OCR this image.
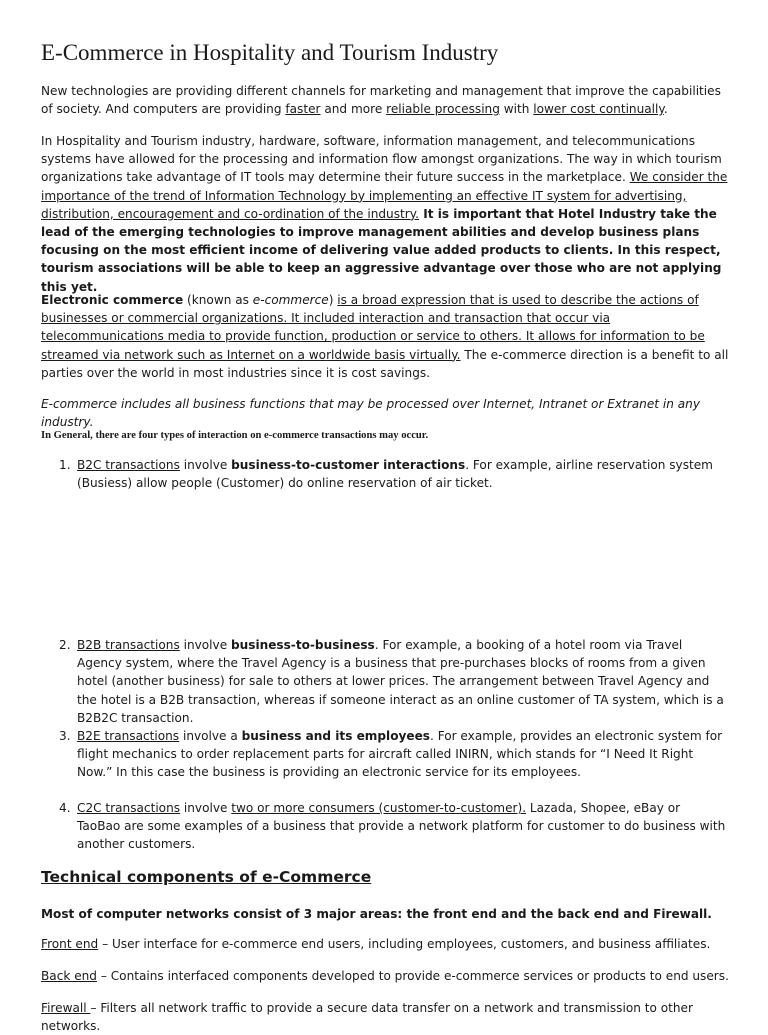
E-Commerce in Hospitality and Tourism Industry

New technologies are providing different channels for marketing and management that improve the capabilities of society. And computers are providing faster and more reliable processing with lower cost continually.

In Hospitality and Tourism industry, hardware, software, information management, and telecommunications systems have allowed for the processing and information flow amongst organizations. The way in which tourism organizations take advantage of IT tools may determine their future success in the marketplace. We consider the importance of the trend of Information Technology by implementing an effective IT system for advertising, distribution, encouragement and co-ordination of the industry. It is important that Hotel Industry take the lead of the emerging technologies to improve management abilities and develop business plans focusing on the most efficient income of delivering value added products to clients. In this respect, tourism associations will be able to keep an aggressive advantage over those who are not applying this yet.

Electronic commerce (known as e-commerce) is a broad expression that is used to describe the actions of businesses or commercial organizations. It included interaction and transaction that occur via telecommunications media to provide function, production or service to others. It allows for information to be streamed via network such as Internet on a worldwide basis virtually. The e-commerce direction is a benefit to all parties over the world in most industries since it is cost savings.

E-commerce includes all business functions that may be processed over Internet, Intranet or Extranet in any industry.

In General, there are four types of interaction on e-commerce transactions may occur.

1. B2C transactions involve business-to-customer interactions. For example, airline reservation system (Busiess) allow people (Customer) do online reservation of air ticket.
2. B2B transactions involve business-to-business. For example, a booking of a hotel room via Travel Agency system, where the Travel Agency is a business that pre-purchases blocks of rooms from a given hotel (another business) for sale to others at lower prices. The arrangement between Travel Agency and the hotel is a B2B transaction, whereas if someone interact as an online customer of TA system, which is a B2B2C transaction.
3. B2E transactions involve a business and its employees. For example, provides an electronic system for flight mechanics to order replacement parts for aircraft called INIRN, which stands for “I Need It Right Now.” In this case the business is providing an electronic service for its employees.
4. C2C transactions involve two or more consumers (customer-to-customer). Lazada, Shopee, eBay or TaoBao are some examples of a business that provide a network platform for customer to do business with another customers.
Technical components of e-Commerce

Most of computer networks consist of 3 major areas: the front end and the back end and Firewall.

Front end – User interface for e-commerce end users, including employees, customers, and business affiliates.

Back end – Contains interfaced components developed to provide e-commerce services or products to end users.

Firewall – Filters all network traffic to provide a secure data transfer on a network and transmission to other networks.
